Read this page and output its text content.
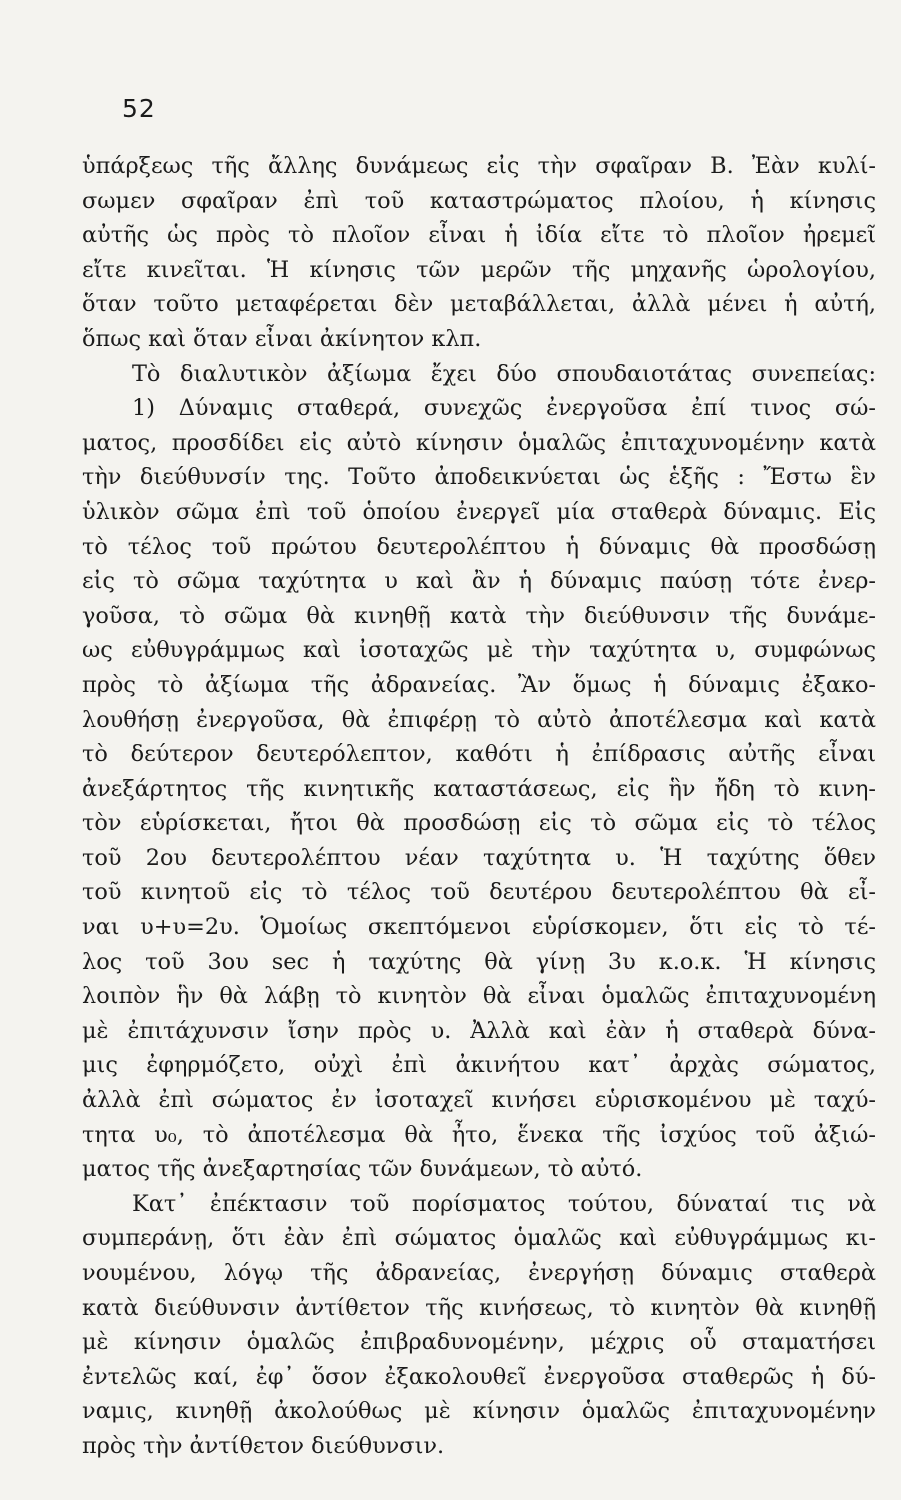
52
ὑπάρξεως τῆς ἄλλης δυνάμεως εἰς τὴν σφαῖραν Β. Ἐὰν κυλί-
σωμεν σφαῖραν ἐπὶ τοῦ καταστρώματος πλοίου, ἡ κίνησις
αὐτῆς ὡς πρὸς τὸ πλοῖον εἶναι ἡ ἰδία εἴτε τὸ πλοῖον ἠρεμεῖ
εἴτε κινεῖται. Ἡ κίνησις τῶν μερῶν τῆς μηχανῆς ὡρολογίου,
ὅταν τοῦτο μεταφέρεται δὲν μεταβάλλεται, ἀλλὰ μένει ἡ αὐτή,
ὅπως καὶ ὅταν εἶναι ἀκίνητον κλπ.
Τὸ διαλυτικὸν ἀξίωμα ἔχει δύο σπουδαιοτάτας συνεπείας:
1) Δύναμις σταθερά, συνεχῶς ἐνεργοῦσα ἐπί τινος σώ-
ματος, προσδίδει εἰς αὐτὸ κίνησιν ὁμαλῶς ἐπιταχυνομένην κατὰ
τὴν διεύθυνσίν της. Τοῦτο ἀποδεικνύεται ὡς ἑξῆς : Ἔστω ἓν
ὑλικὸν σῶμα ἐπὶ τοῦ ὁποίου ἐνεργεῖ μία σταθερὰ δύναμις. Εἰς
τὸ τέλος τοῦ πρώτου δευτερολέπτου ἡ δύναμις θὰ προσδώσῃ
εἰς τὸ σῶμα ταχύτητα υ καὶ ἂν ἡ δύναμις παύσῃ τότε ἐνερ-
γοῦσα, τὸ σῶμα θὰ κινηθῇ κατὰ τὴν διεύθυνσιν τῆς δυνάμε-
ως εὐθυγράμμως καὶ ἰσοταχῶς μὲ τὴν ταχύτητα υ, συμφώνως
πρὸς τὸ ἀξίωμα τῆς ἀδρανείας. Ἂν ὅμως ἡ δύναμις ἐξακο-
λουθήσῃ ἐνεργοῦσα, θὰ ἐπιφέρῃ τὸ αὐτὸ ἀποτέλεσμα καὶ κατὰ
τὸ δεύτερον δευτερόλεπτον, καθότι ἡ ἐπίδρασις αὐτῆς εἶναι
ἀνεξάρτητος τῆς κινητικῆς καταστάσεως, εἰς ἣν ἤδη τὸ κινη-
τὸν εὑρίσκεται, ἤτοι θὰ προσδώσῃ εἰς τὸ σῶμα εἰς τὸ τέλος
τοῦ 2ου δευτερολέπτου νέαν ταχύτητα υ. Ἡ ταχύτης ὅθεν
τοῦ κινητοῦ εἰς τὸ τέλος τοῦ δευτέρου δευτερολέπτου θὰ εἶ-
ναι υ+υ=2υ. Ὁμοίως σκεπτόμενοι εὑρίσκομεν, ὅτι εἰς τὸ τέ-
λος τοῦ 3ου sec ἡ ταχύτης θὰ γίνῃ 3υ κ.ο.κ. Ἡ κίνησις
λοιπὸν ἣν θὰ λάβῃ τὸ κινητὸν θὰ εἶναι ὁμαλῶς ἐπιταχυνομένη
μὲ ἐπιτάχυνσιν ἴσην πρὸς υ. Ἀλλὰ καὶ ἐὰν ἡ σταθερὰ δύνα-
μις ἐφηρμόζετο, οὐχὶ ἐπὶ ἀκινήτου κατ᾿ ἀρχὰς σώματος,
ἀλλὰ ἐπὶ σώματος ἐν ἰσοταχεῖ κινήσει εὑρισκομένου μὲ ταχύ-
τητα υ₀, τὸ ἀποτέλεσμα θὰ ἦτο, ἕνεκα τῆς ἰσχύος τοῦ ἀξιώ-
ματος τῆς ἀνεξαρτησίας τῶν δυνάμεων, τὸ αὐτό.
Κατ᾿ ἐπέκτασιν τοῦ πορίσματος τούτου, δύναταί τις νὰ
συμπεράνῃ, ὅτι ἐὰν ἐπὶ σώματος ὁμαλῶς καὶ εὐθυγράμμως κι-
νουμένου, λόγῳ τῆς ἀδρανείας, ἐνεργήσῃ δύναμις σταθερὰ
κατὰ διεύθυνσιν ἀντίθετον τῆς κινήσεως, τὸ κινητὸν θὰ κινηθῇ
μὲ κίνησιν ὁμαλῶς ἐπιβραδυνομένην, μέχρις οὗ σταματήσει
ἐντελῶς καί, ἐφ᾿ ὅσον ἐξακολουθεῖ ἐνεργοῦσα σταθερῶς ἡ δύ-
ναμις, κινηθῇ ἀκολούθως μὲ κίνησιν ὁμαλῶς ἐπιταχυνομένην
πρὸς τὴν ἀντίθετον διεύθυνσιν.
